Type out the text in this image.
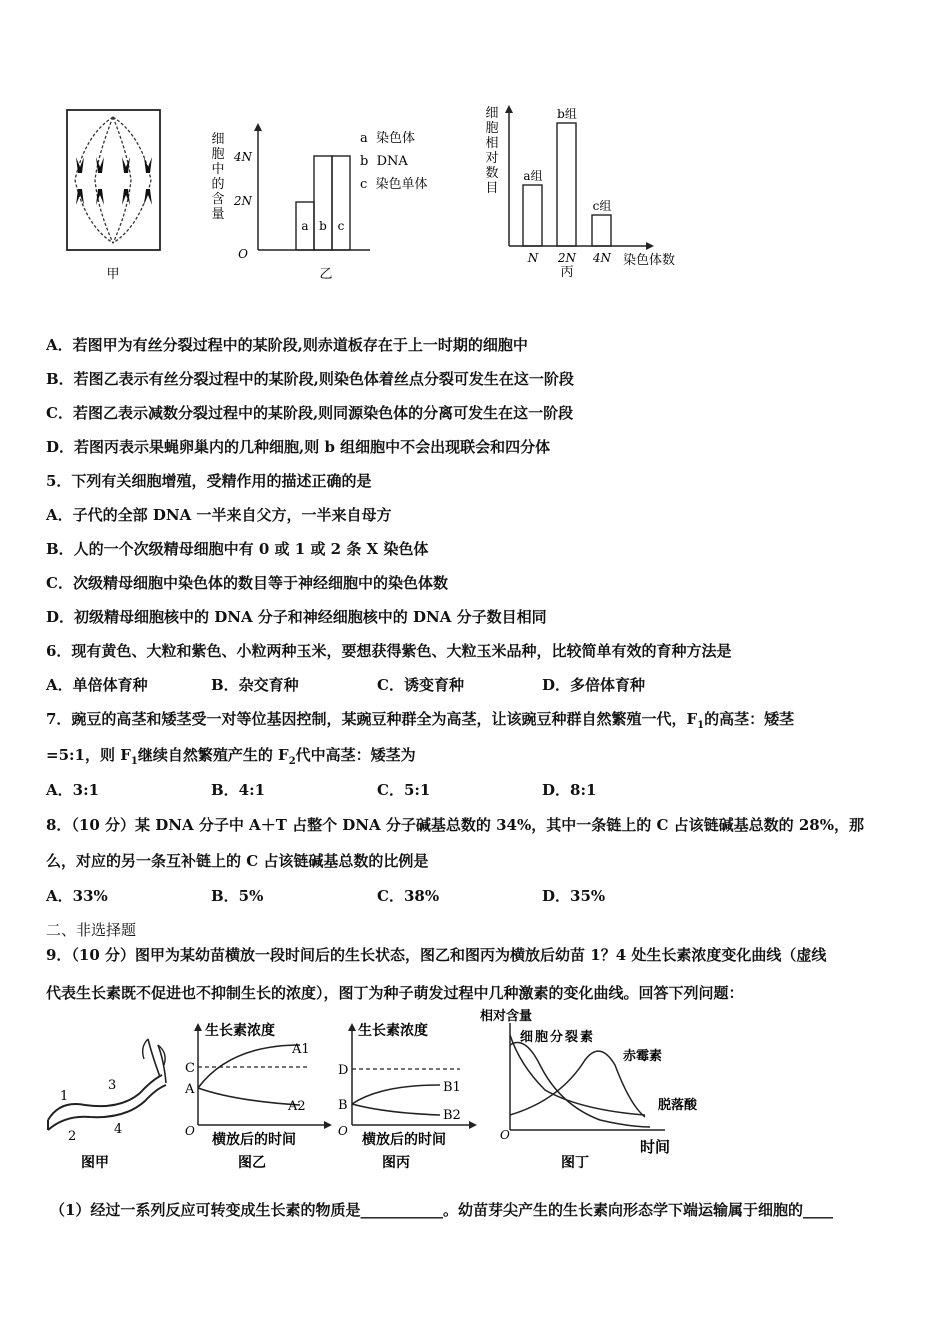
甲
细
胞
中
的
含
量
4N
2N
O
a b c
a  染色体
b  DNA
c  染色单体
乙
细
胞
相
对
数
目
a组
b组
c组
N 2N 4N 染色体数
丙
A．若图甲为有丝分裂过程中的某阶段,则赤道板存在于上一时期的细胞中
B．若图乙表示有丝分裂过程中的某阶段,则染色体着丝点分裂可发生在这一阶段
C．若图乙表示减数分裂过程中的某阶段,则同源染色体的分离可发生在这一阶段
D．若图丙表示果蝇卵巢内的几种细胞,则 b 组细胞中不会出现联会和四分体
5．下列有关细胞增殖，受精作用的描述正确的是
A．子代的全部 DNA 一半来自父方，一半来自母方
B．人的一个次级精母细胞中有 0 或 1 或 2 条 X 染色体
C．次级精母细胞中染色体的数目等于神经细胞中的染色体数
D．初级精母细胞核中的 DNA 分子和神经细胞核中的 DNA 分子数目相同
6．现有黄色、大粒和紫色、小粒两种玉米，要想获得紫色、大粒玉米品种，比较简单有效的育种方法是
A．单倍体育种	B．杂交育种	C．诱变育种	D．多倍体育种
7．豌豆的高茎和矮茎受一对等位基因控制，某豌豆种群全为高茎，让该豌豆种群自然繁殖一代，$F_1$的高茎：矮茎
=5:1，则 $F_1$继续自然繁殖产生的 $F_2$代中高茎：矮茎为
A．3:1	B．4:1	C．5:1	D．8:1
8．（10 分）某 DNA 分子中 A＋T 占整个 DNA 分子碱基总数的 34%，其中一条链上的 C 占该链碱基总数的 28%，那
么，对应的另一条互补链上的 C 占该链碱基总数的比例是
A．33%	B．5%	C．38%	D．35%
二、非选择题
9．（10 分）图甲为某幼苗横放一段时间后的生长状态，图乙和图丙为横放后幼苗 1？4 处生长素浓度变化曲线（虚线
代表生长素既不促进也不抑制生长的浓度），图丁为种子萌发过程中几种激素的变化曲线。回答下列问题：
1
2
3
4
图甲
生长素浓度
C
A
O
A1
A2
横放后的时间
图乙
生长素浓度
D
B
O
B1
B2
横放后的时间
图丙
相对含量
O
细胞分裂素
赤霉素
脱落酸
时间
图丁
（1）经过一系列反应可转变成生长素的物质是___________。幼苗芽尖产生的生长素向形态学下端运输属于细胞的____
